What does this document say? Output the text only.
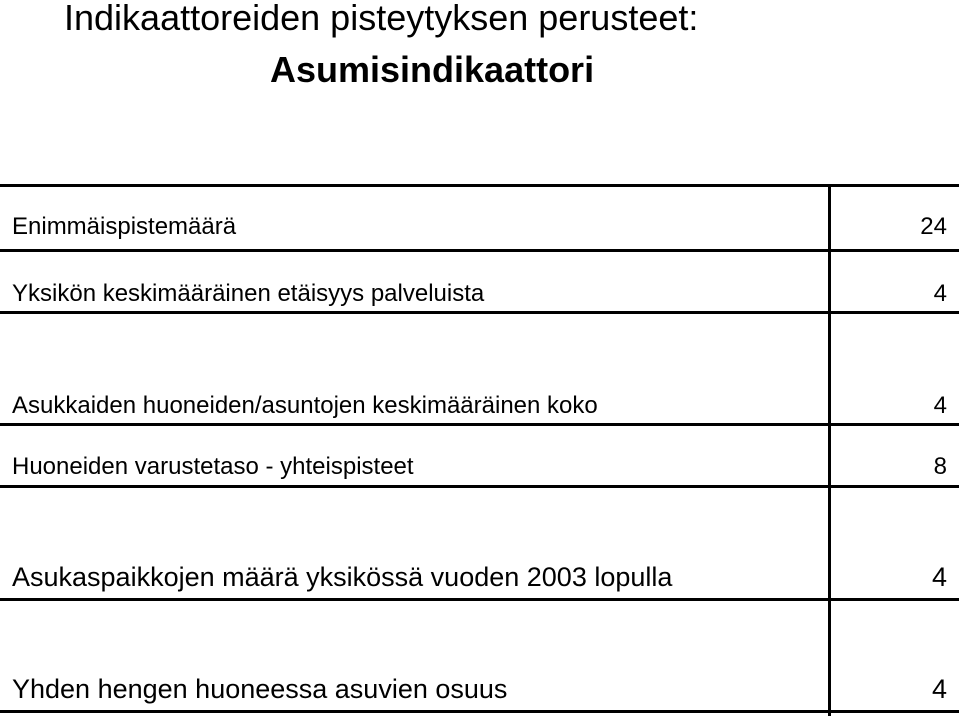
Indikaattoreiden pisteytyksen perusteet:
Asumisindikaattori
Enimmäispistemäärä	24
Yksikön keskimääräinen etäisyys palveluista	4
Asukkaiden huoneiden/asuntojen keskimääräinen koko	4
Huoneiden varustetaso - yhteispisteet	8
Asukaspaikkojen määrä yksikössä vuoden 2003 lopulla	4
Yhden hengen huoneessa asuvien osuus	4
